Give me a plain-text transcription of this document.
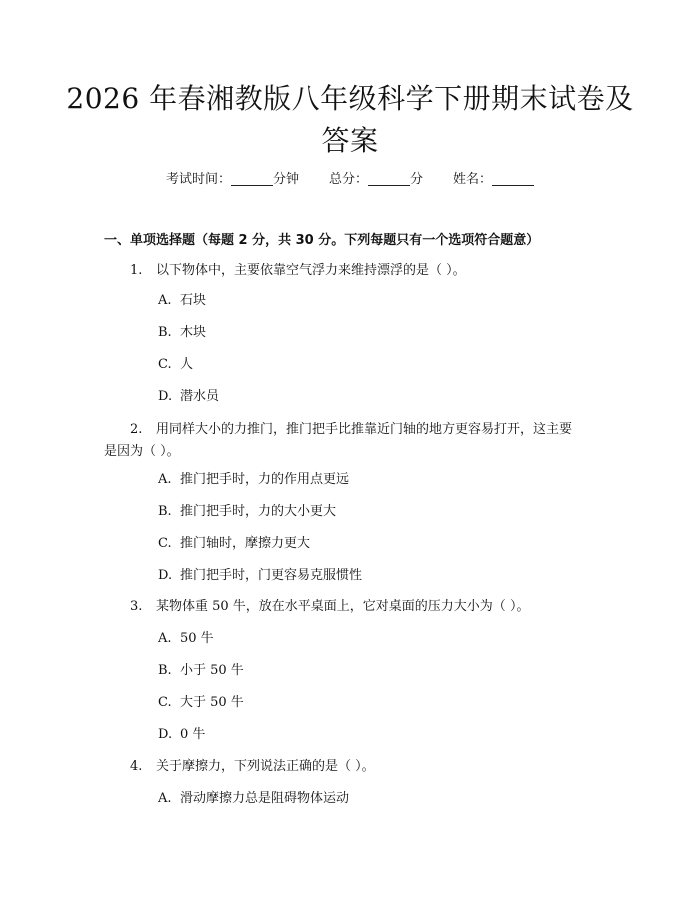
2026 年春湘教版八年级科学下册期末试卷及
答案
考试时间：	分钟 总分：	分 姓名：
一、单项选择题（每题 2 分，共 30 分。下列每题只有一个选项符合题意）
1. 以下物体中，主要依靠空气浮力来维持漂浮的是（ ）。
A. 石块
B. 木块
C. 人
D. 潜水员
2. 用同样大小的力推门，推门把手比推靠近门轴的地方更容易打开，这主要
是因为（ ）。
A. 推门把手时，力的作用点更远
B. 推门把手时，力的大小更大
C. 推门轴时，摩擦力更大
D. 推门把手时，门更容易克服惯性
3. 某物体重 50 牛，放在水平桌面上，它对桌面的压力大小为（ ）。
A. 50 牛
B. 小于 50 牛
C. 大于 50 牛
D. 0 牛
4. 关于摩擦力，下列说法正确的是（ ）。
A. 滑动摩擦力总是阻碍物体运动
